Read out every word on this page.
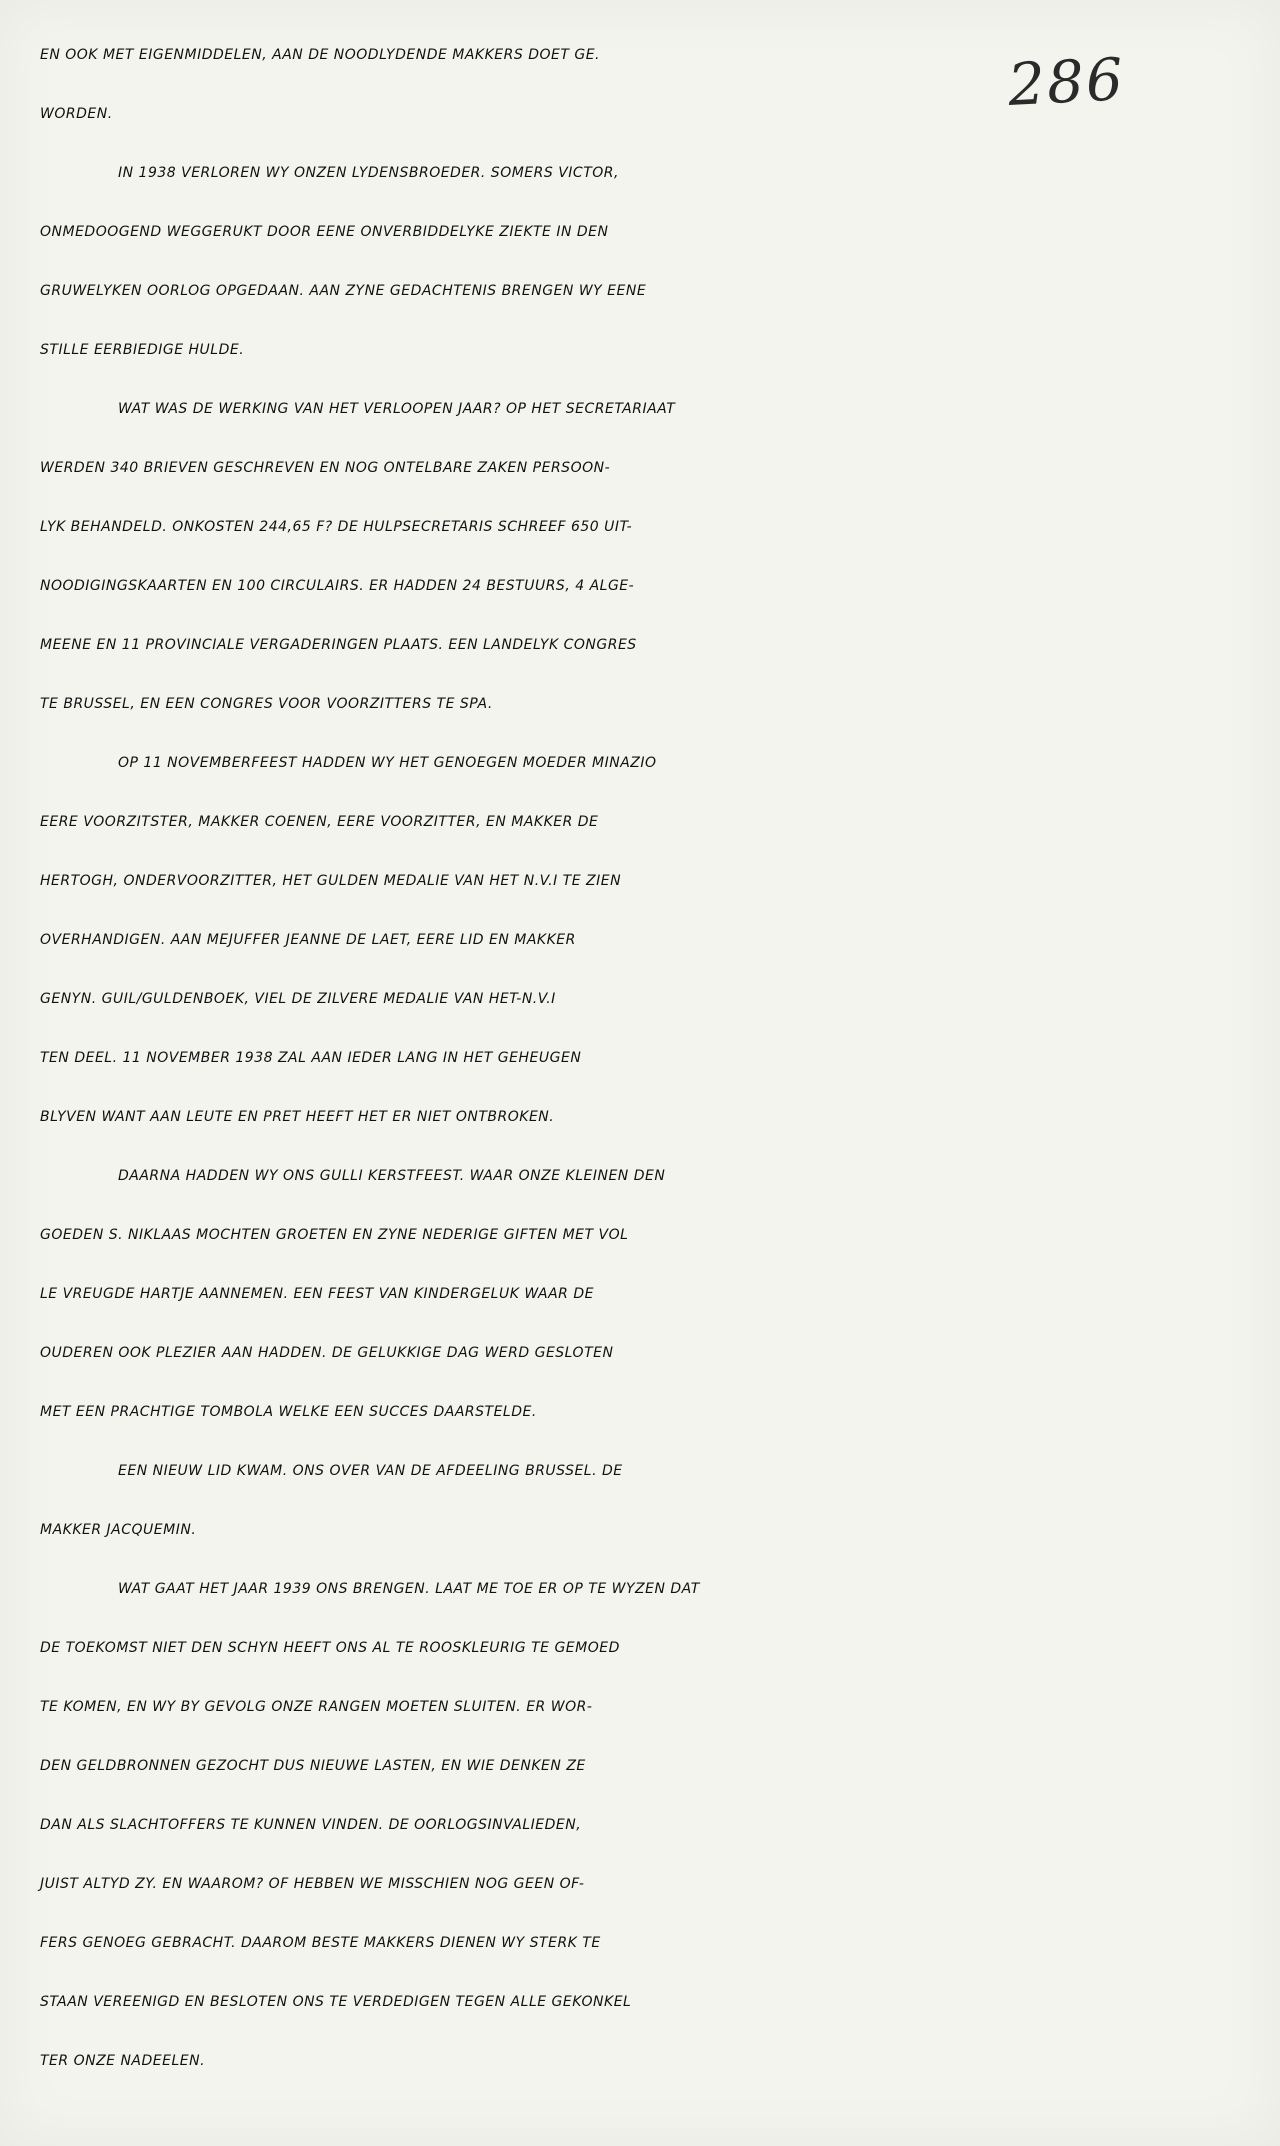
286
EN OOK MET EIGENMIDDELEN, AAN DE NOODLYDENDE MAKKERS DOET GE.
WORDEN.
IN 1938 VERLOREN WY ONZEN LYDENSBROEDER. SOMERS VICTOR,
ONMEDOOGEND WEGGERUKT DOOR EENE ONVERBIDDELYKE ZIEKTE IN DEN
GRUWELYKEN OORLOG OPGEDAAN. AAN ZYNE GEDACHTENIS BRENGEN WY EENE
STILLE EERBIEDIGE HULDE.
WAT WAS DE WERKING VAN HET VERLOOPEN JAAR? OP HET SECRETARIAAT
WERDEN 340 BRIEVEN GESCHREVEN EN NOG ONTELBARE ZAKEN PERSOON-
LYK BEHANDELD. ONKOSTEN 244,65 F? DE HULPSECRETARIS SCHREEF 650 UIT-
NOODIGINGSKAARTEN EN 100 CIRCULAIRS. ER HADDEN 24 BESTUURS, 4 ALGE-
MEENE EN 11 PROVINCIALE VERGADERINGEN PLAATS. EEN LANDELYK CONGRES
TE BRUSSEL, EN EEN CONGRES VOOR VOORZITTERS TE SPA.
OP 11 NOVEMBERFEEST HADDEN WY HET GENOEGEN MOEDER MINAZIO
EERE VOORZITSTER, MAKKER COENEN, EERE VOORZITTER, EN MAKKER DE
HERTOGH, ONDERVOORZITTER, HET GULDEN MEDALIE VAN HET N.V.I TE ZIEN
OVERHANDIGEN. AAN MEJUFFER JEANNE DE LAET, EERE LID EN MAKKER
GENYN. GUIL/GULDENBOEK, VIEL DE ZILVERE MEDALIE VAN HET-N.V.I
TEN DEEL. 11 NOVEMBER 1938 ZAL AAN IEDER LANG IN HET GEHEUGEN
BLYVEN WANT AAN LEUTE EN PRET HEEFT HET ER NIET ONTBROKEN.
DAARNA HADDEN WY ONS GULLI KERSTFEEST. WAAR ONZE KLEINEN DEN
GOEDEN S. NIKLAAS MOCHTEN GROETEN EN ZYNE NEDERIGE GIFTEN MET VOL
LE VREUGDE HARTJE AANNEMEN. EEN FEEST VAN KINDERGELUK WAAR DE
OUDEREN OOK PLEZIER AAN HADDEN. DE GELUKKIGE DAG WERD GESLOTEN
MET EEN PRACHTIGE TOMBOLA WELKE EEN SUCCES DAARSTELDE.
EEN NIEUW LID KWAM. ONS OVER VAN DE AFDEELING BRUSSEL. DE
MAKKER JACQUEMIN.
WAT GAAT HET JAAR 1939 ONS BRENGEN. LAAT ME TOE ER OP TE WYZEN DAT
DE TOEKOMST NIET DEN SCHYN HEEFT ONS AL TE ROOSKLEURIG TE GEMOED
TE KOMEN, EN WY BY GEVOLG ONZE RANGEN MOETEN SLUITEN. ER WOR-
DEN GELDBRONNEN GEZOCHT DUS NIEUWE LASTEN, EN WIE DENKEN ZE
DAN ALS SLACHTOFFERS TE KUNNEN VINDEN. DE OORLOGSINVALIEDEN,
JUIST ALTYD ZY. EN WAAROM? OF HEBBEN WE MISSCHIEN NOG GEEN OF-
FERS GENOEG GEBRACHT. DAAROM BESTE MAKKERS DIENEN WY STERK TE
STAAN VEREENIGD EN BESLOTEN ONS TE VERDEDIGEN TEGEN ALLE GEKONKEL
TER ONZE NADEELEN.
